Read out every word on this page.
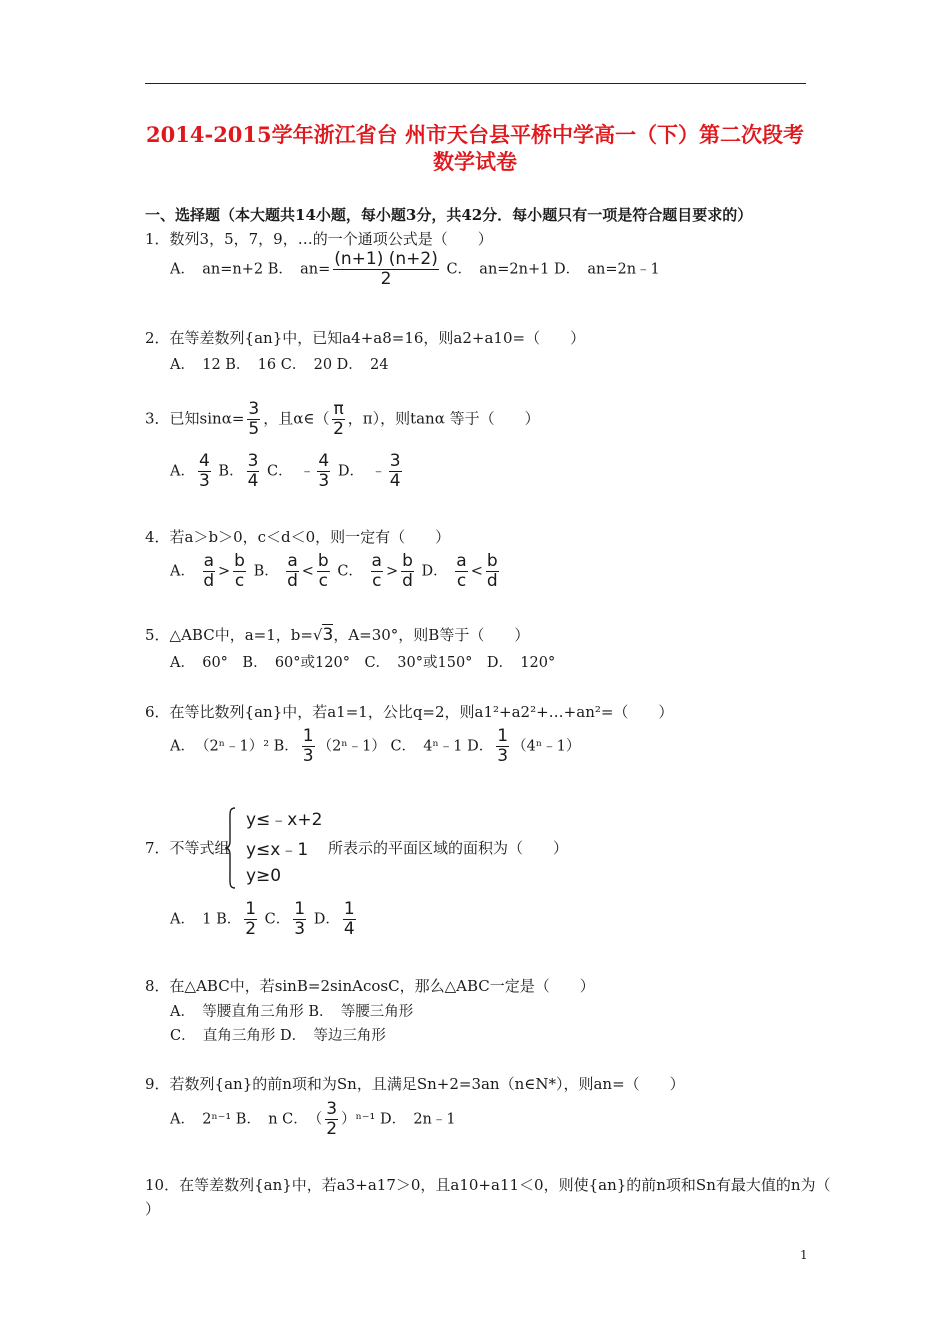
2014-2015学年浙江省台 州市天台县平桥中学高一（下）第二次段考
数学试卷
一、选择题（本大题共14小题，每小题3分，共42分．每小题只有一项是符合题目要求的）
1．数列3，5，7，9，…的一个通项公式是（　　）
A．　an=n+2 B．　$an= \frac{(n+1) (n+2)}{2}$ C．　an=2n+1 D．　an=2n﹣1
2．在等差数列{an}中，已知a4+a8=16，则a2+a10=（　　）
A．　12 B．　16 C．　20 D．　24
3．已知$\sin\alpha= \frac{3}{5}$ ，且α∈（ $\frac{\pi}{2}$ ，π），则tanα 等于（　　）
A． $\frac{4}{3}$ B． $\frac{3}{4}$ C．　﹣ $\frac{4}{3}$ D．　﹣ $\frac{3}{4}$
4．若a＞b＞0，c＜d＜0，则一定有（　　）
A． $\frac{a}{d} > \frac{b}{c}$ B． $\frac{a}{d} < \frac{b}{c}$ C． $\frac{a}{c} > \frac{b}{d}$ D． $\frac{a}{c} < \frac{b}{d}$
5．△ABC中，a=1，b=√3，A=30°，则B等于（　　）
A．　60°　B．　60°或120°　C．　30°或150°　D．　120°
6．在等比数列{an}中，若a1=1，公比q=2，则a1²+a2²+…+an²=（　　）
A．　（2ⁿ﹣1）² B． $\frac{1}{3}$ （2ⁿ﹣1） C．　4ⁿ﹣1 D． $\frac{1}{3}$ （4ⁿ﹣1）
7．不等式组
y≤﹣x+2
y≤x﹣1
y≥0
所表示的平面区域的面积为（　　）
A．　1 B． $\frac{1}{2}$ C． $\frac{1}{3}$ D． $\frac{1}{4}$
8．在△ABC中，若sinB=2sinAcosC，那么△ABC一定是（　　）
A．　等腰直角三角形 B．　等腰三角形
C．　直角三角形 D．　等边三角形
9．若数列{an}的前n项和为Sn，且满足Sn+2=3an（n∈N*），则an=（　　）
A．　2ⁿ⁻¹ B．　n C．　（ $\frac{3}{2} )^{n-1}$ D．　2n﹣1
10．在等差数列{an}中，若a3+a17＞0，且a10+a11＜0，则使{an}的前n项和Sn有最大值的n为（
）
1
